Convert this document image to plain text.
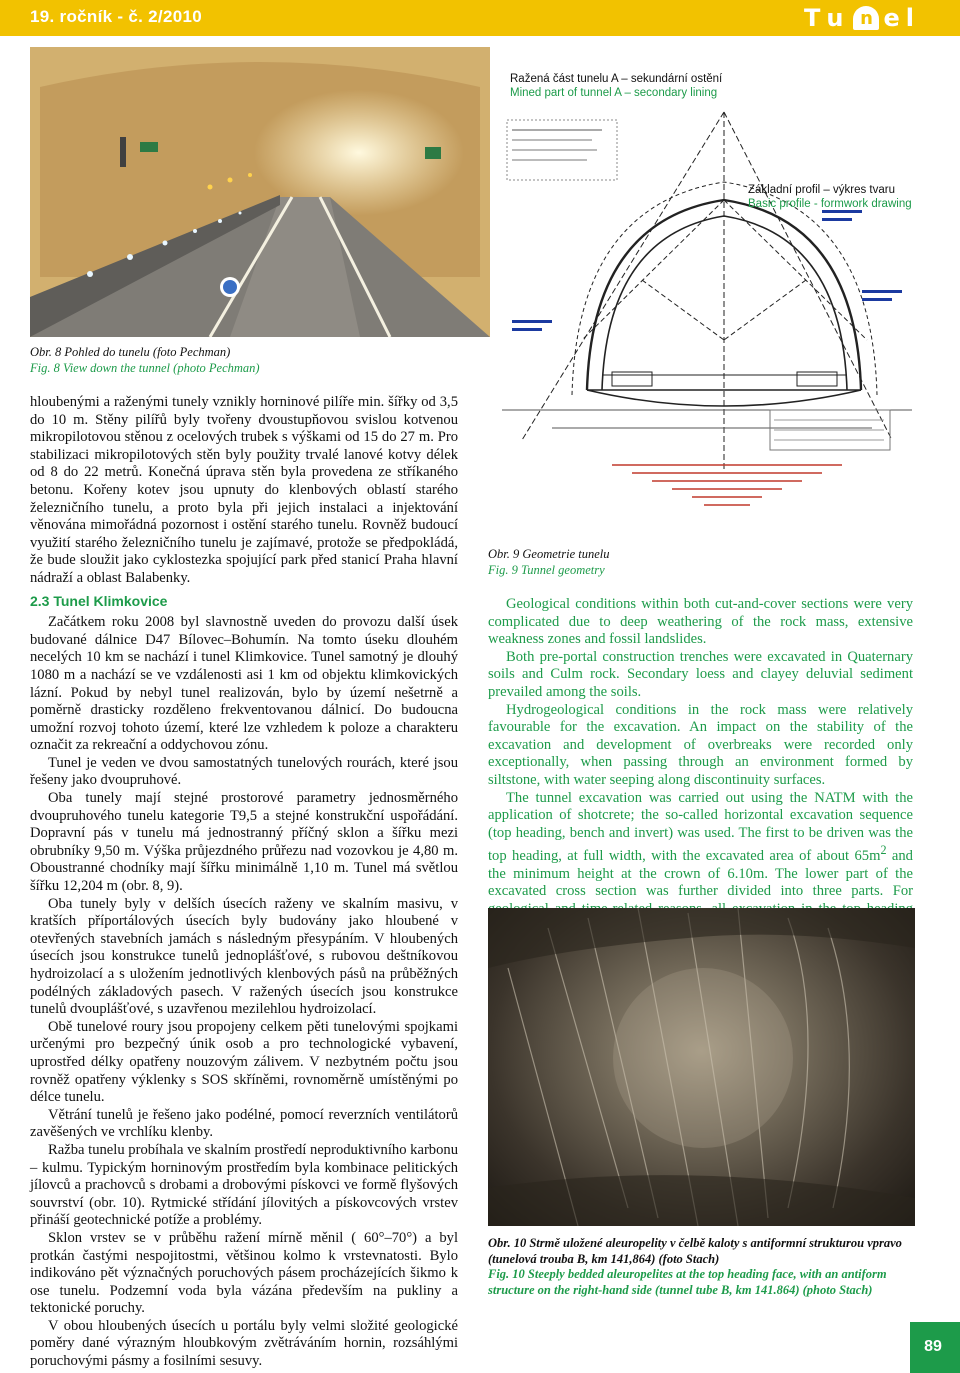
19. ročník - č. 2/2010	T u n e l
Ražená část tunelu A – sekundární ostění
Mined part of tunnel A – secondary lining
Obr. 8 Pohled do tunelu (foto Pechman)
Fig. 8 View down the tunnel (photo Pechman)
Základní profil – výkres tvaru
Basic profile - formwork drawing
Obr. 9 Geometrie tunelu
Fig. 9 Tunnel geometry

hloubenými a raženými tunely vznikly horninové pilíře min. šířky od 3,5 do 10 m. Stěny pilířů byly tvořeny dvoustupňovou svislou kotvenou mikropilotovou stěnou z ocelových trubek s výškami od 15 do 27 m. Pro stabilizaci mikropilotových stěn byly použity trvalé lanové kotvy délek od 8 do 22 metrů. Konečná úprava stěn byla provedena ze stříkaného betonu. Kořeny kotev jsou upnuty do klenbových oblastí starého železničního tunelu, a proto byla při jejich instalaci a injektování věnována mimořádná pozornost i ostění starého tunelu. Rovněž budoucí využití starého železničního tunelu je zajímavé, protože se předpokládá, že bude sloužit jako cyklostezka spojující park před stanicí Praha hlavní nádraží a oblast Balabenky.

2.3 Tunel Klimkovice

Začátkem roku 2008 byl slavnostně uveden do provozu další úsek budované dálnice D47 Bílovec–Bohumín. Na tomto úseku dlouhém necelých 10 km se nachází i tunel Klimkovice. Tunel samotný je dlouhý 1080 m a nachází se ve vzdálenosti asi 1 km od objektu klimkovických lázní. Pokud by nebyl tunel realizován, bylo by území nešetrně a poměrně drasticky rozděleno frekventovanou dálnicí. Do budoucna umožní rozvoj tohoto území, které lze vzhledem k poloze a charakteru označit za rekreační a oddychovou zónu.

Tunel je veden ve dvou samostatných tunelových rourách, které jsou řešeny jako dvoupruhové.

Oba tunely mají stejné prostorové parametry jednosměrného dvoupruhového tunelu kategorie T9,5 a stejné konstrukční uspořádání. Dopravní pás v tunelu má jednostranný příčný sklon a šířku mezi obrubníky 9,50 m. Výška průjezdného průřezu nad vozovkou je 4,80 m. Oboustranné chodníky mají šířku minimálně 1,10 m. Tunel má světlou šířku 12,204 m (obr. 8, 9).

Oba tunely byly v delších úsecích raženy ve skalním masivu, v kratších příportálových úsecích byly budovány jako hloubené v otevřených stavebních jamách s následným přesypáním. V hloubených úsecích jsou konstrukce tunelů jednoplášťové, s rubovou deštníkovou hydroizolací a s uložením jednotlivých klenbových pásů na průběžných podélných základových pasech. V ražených úsecích jsou konstrukce tunelů dvouplášťové, s uzavřenou mezilehlou hydroizolací.

Obě tunelové roury jsou propojeny celkem pěti tunelovými spojkami určenými pro bezpečný únik osob a pro technologické vybavení, uprostřed délky opatřeny nouzovým zálivem. V nezbytném počtu jsou rovněž opatřeny výklenky s SOS skříněmi, rovnoměrně umístěnými po délce tunelu.

Větrání tunelů je řešeno jako podélné, pomocí reverzních ventilátorů zavěšených ve vrchlíku klenby.

Ražba tunelu probíhala ve skalním prostředí neproduktivního karbonu – kulmu. Typickým horninovým prostředím byla kombinace pelitických jílovců a prachovců s drobami a drobovými pískovci ve formě flyšových souvrství (obr. 10). Rytmické střídání jílovitých a pískovcových vrstev přináší geotechnické potíže a problémy.

Sklon vrstev se v průběhu ražení mírně měnil ( 60°–70°) a byl protkán častými nespojitostmi, většinou kolmo k vrstevnatosti. Bylo indikováno pět význačných poruchových pásem procházejících šikmo k ose tunelu. Podzemní voda byla vázána především na pukliny a tektonické poruchy.

V obou hloubených úsecích u portálu byly velmi složité geologické poměry dané výrazným hloubkovým zvětráváním hornin, rozsáhlými poruchovými pásmy a fosilními sesuvy.

Geological conditions within both cut-and-cover sections were very complicated due to deep weathering of the rock mass, extensive weakness zones and fossil landslides.

Both pre-portal construction trenches were excavated in Quaternary soils and Culm rock. Secondary loess and clayey deluvial sediment prevailed among the soils.

Hydrogeological conditions in the rock mass were relatively favourable for the excavation. An impact on the stability of the excavation and development of overbreaks were recorded only exceptionally, when passing through an environment formed by siltstone, with water seeping along discontinuity surfaces.

The tunnel excavation was carried out using the NATM with the application of shotcrete; the so-called horizontal excavation sequence (top heading, bench and invert) was used. The first to be driven was the top heading, at full width, with the excavated area of about $65m^2$ and the minimum height at the crown of 6.10m. The lower part of the excavated cross section was further divided into three parts. For

Obr. 10 Strmě uložené aleuropelity v čelbě kaloty s antiformní strukturou vpravo (tunelová trouba B, km 141,864) (foto Stach)
Fig. 10 Steeply bedded aleuropelites at the top heading face, with an antiform structure on the right-hand side (tunnel tube B, km 141.864) (photo Stach)
89
